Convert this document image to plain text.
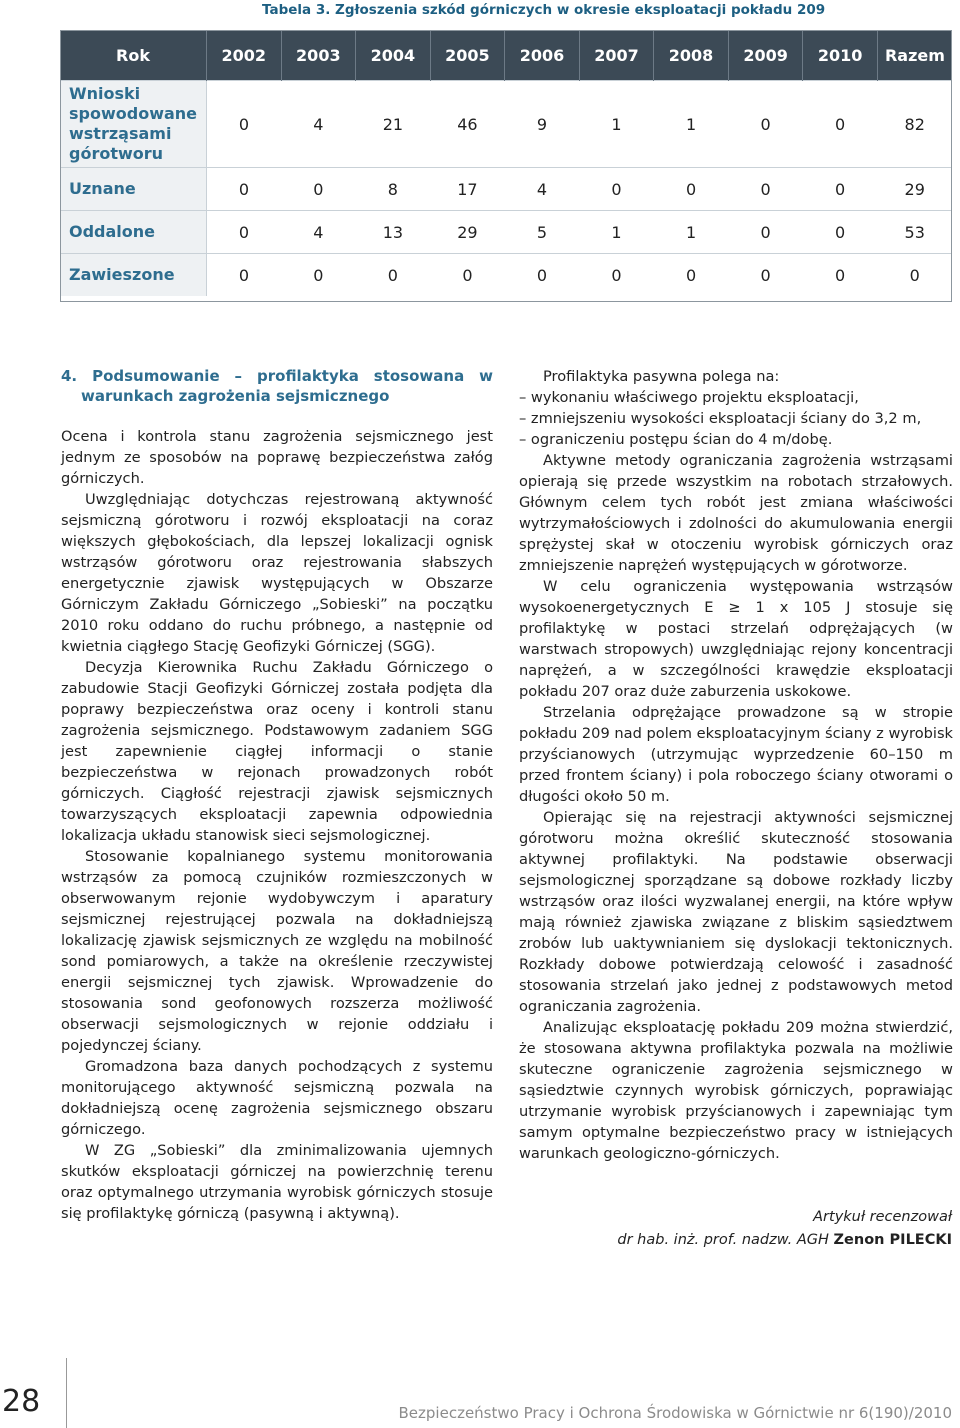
Tabela 3. Zgłoszenia szkód górniczych w okresie eksploatacji pokładu 209
Rok	2002	2003	2004	2005	2006	2007	2008	2009	2010	Razem
Wnioski spowodowane wstrząsami górotworu	0	4	21	46	9	1	1	0	0	82
Uznane	0	0	8	17	4	0	0	0	0	29
Oddalone	0	4	13	29	5	1	1	0	0	53
Zawieszone	0	0	0	0	0	0	0	0	0	0
4. Podsumowanie – profilaktyka stosowana w warunkach zagrożenia sejsmicznego

Ocena i kontrola stanu zagrożenia sejsmicznego jest jednym ze sposobów na poprawę bezpieczeństwa załóg górniczych.

Uwzględniając dotychczas rejestrowaną aktywność sejsmiczną górotworu i rozwój eksploatacji na coraz większych głębokościach, dla lepszej lokalizacji ognisk wstrząsów górotworu oraz rejestrowania słabszych energetycznie zjawisk występujących w Obszarze Górniczym Zakładu Górniczego „Sobieski” na początku 2010 roku oddano do ruchu próbnego, a następnie od kwietnia ciągłego Stację Geofizyki Górniczej (SGG).

Decyzja Kierownika Ruchu Zakładu Górniczego o zabudowie Stacji Geofizyki Górniczej została podjęta dla poprawy bezpieczeństwa oraz oceny i kontroli stanu zagrożenia sejsmicznego. Podstawowym zadaniem SGG jest zapewnienie ciągłej informacji o stanie bezpieczeństwa w rejonach prowadzonych robót górniczych. Ciągłość rejestracji zjawisk sejsmicznych towarzyszących eksploatacji zapewnia odpowiednia lokalizacja układu stanowisk sieci sejsmologicznej.

Stosowanie kopalnianego systemu monitorowania wstrząsów za pomocą czujników rozmieszczonych w obserwowanym rejonie wydobywczym i aparatury sejsmicznej rejestrującej pozwala na dokładniejszą lokalizację zjawisk sejsmicznych ze względu na mobilność sond pomiarowych, a także na określenie rzeczywistej energii sejsmicznej tych zjawisk. Wprowadzenie do stosowania sond geofonowych rozszerza możliwość obserwacji sejsmologicznych w rejonie oddziału i pojedynczej ściany.

Gromadzona baza danych pochodzących z systemu monitorującego aktywność sejsmiczną pozwala na dokładniejszą ocenę zagrożenia sejsmicznego obszaru górniczego.

W ZG „Sobieski” dla zminimalizowania ujemnych skutków eksploatacji górniczej na powierzchnię terenu oraz optymalnego utrzymania wyrobisk górniczych stosuje się profilaktykę górniczą (pasywną i aktywną).

Profilaktyka pasywna polega na:

– wykonaniu właściwego projektu eksploatacji,
– zmniejszeniu wysokości eksploatacji ściany do 3,2 m,
– ograniczeniu postępu ścian do 4 m/dobę.

Aktywne metody ograniczania zagrożenia wstrząsami opierają się przede wszystkim na robotach strzałowych. Głównym celem tych robót jest zmiana właściwości wytrzymałościowych i zdolności do akumulowania energii sprężystej skał w otoczeniu wyrobisk górniczych oraz zmniejszenie naprężeń występujących w górotworze.

W celu ograniczenia występowania wstrząsów wysokoenergetycznych E ≥ 1 x 105 J stosuje się profilaktykę w postaci strzelań odprężających (w warstwach stropowych) uwzględniając rejony koncentracji naprężeń, a w szczególności krawędzie eksploatacji pokładu 207 oraz duże zaburzenia uskokowe.

Strzelania odprężające prowadzone są w stropie pokładu 209 nad polem eksploatacyjnym ściany z wyrobisk przyścianowych (utrzymując wyprzedzenie 60–150 m przed frontem ściany) i pola roboczego ściany otworami o długości około 50 m.

Opierając się na rejestracji aktywności sejsmicznej górotworu można określić skuteczność stosowania aktywnej profilaktyki. Na podstawie obserwacji sejsmologicznej sporządzane są dobowe rozkłady liczby wstrząsów oraz ilości wyzwalanej energii, na które wpływ mają również zjawiska związane z bliskim sąsiedztwem zrobów lub uaktywnianiem się dyslokacji tektonicznych. Rozkłady dobowe potwierdzają celowość i zasadność stosowania strzelań jako jednej z podstawowych metod ograniczania zagrożenia.

Analizując eksploatację pokładu 209 można stwierdzić, że stosowana aktywna profilaktyka pozwala na możliwie skuteczne ograniczenie zagrożenia sejsmicznego w sąsiedztwie czynnych wyrobisk górniczych, poprawiając utrzymanie wyrobisk przyścianowych i zapewniając tym samym optymalne bezpieczeństwo pracy w istniejących warunkach geologiczno-górniczych.

Artykuł recenzował
dr hab. inż. prof. nadzw. AGH Zenon PILECKI
28	Bezpieczeństwo Pracy i Ochrona Środowiska w Górnictwie nr 6(190)/2010
